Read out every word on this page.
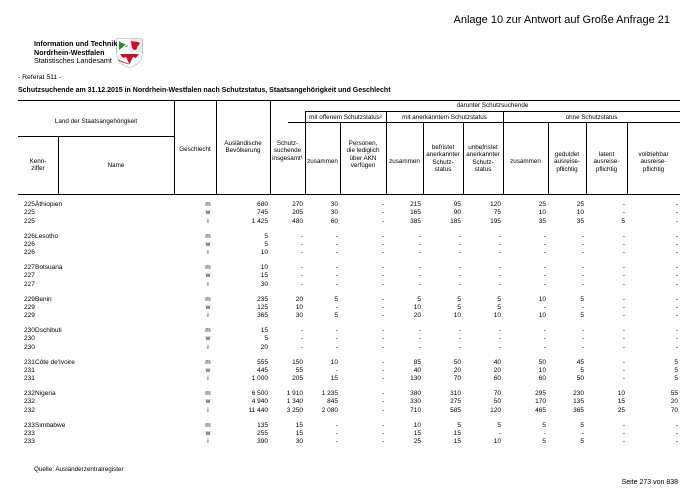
Anlage 10 zur Antwort auf Große Anfrage 21
Information und Technik
Nordrhein-Westfalen
Statistisches Landesamt
- Referat 511 -
Schutzsuchende am 31.12.2015 in Nordrhein-Westfalen nach Schutzstatus, Staatsangehörigkeit und Geschlecht
Land der Staatsangehörigkeit
Kenn-
ziffer	Name
Geschlecht
Ausländische
Bevölkerung
darunter Schutzsuchende
Schutz-
suchende
insgesamt¹
mit offenem Schutzstatus²	mit anerkanntem Schutzstatus	ohne Schutzstatus
zusammen
Personen,
die lediglich
über AKN
verfügen
zusammen
befristet
anerkannter
Schutz-
status
unbefristet
anerkannter
Schutz-
status
zusammen
geduldet
ausreise-
pflichtig
latent
ausreise-
pflichtig
vollziehbar
ausreise-
pflichtig
225 Äthiopien	m	680	270	30	-	215	95	120	25	25	-	-
225	w	745	205	30	-	165	90	75	10	10	-	-
225	i	1 425	480	60	-	385	185	195	35	35	5	-
226 Lesotho	m	5	-	-	-	-	-	-	-	-	-	-
226	w	5	-	-	-	-	-	-	-	-	-	-
226	i	10	-	-	-	-	-	-	-	-	-	-
227 Botsuana	m	10	-	-	-	-	-	-	-	-	-	-
227	w	15	-	-	-	-	-	-	-	-	-	-
227	i	30	-	-	-	-	-	-	-	-	-	-
229 Benin	m	235	20	5	-	5	5	5	10	5	-	-
229	w	125	10	-	-	10	5	5	-	-	-	-
229	i	365	30	5	-	20	10	10	10	5	-	-
230 Dschibuti	m	15	-	-	-	-	-	-	-	-	-	-
230	w	5	-	-	-	-	-	-	-	-	-	-
230	i	20	-	-	-	-	-	-	-	-	-	-
231 Côte de'Ivoire	m	555	150	10	-	85	50	40	50	45	-	5
231	w	445	55	-	-	40	20	20	10	5	-	5
231	i	1 000	205	15	-	130	70	60	60	50	-	5
232 Nigeria	m	6 500	1 910	1 235	-	380	310	70	295	230	10	55
232	w	4 940	1 340	845	-	330	275	50	170	135	15	20
232	i	11 440	3 250	2 080	-	710	585	120	465	365	25	70
233 Simbabwe	m	135	15	-	-	10	5	5	5	5	-	-
233	w	255	15	-	-	15	15	-	-	-	-	-
233	i	390	30	-	-	25	15	10	5	5	-	-
Quelle: Ausländerzentralregister
Seite 273 von 838
